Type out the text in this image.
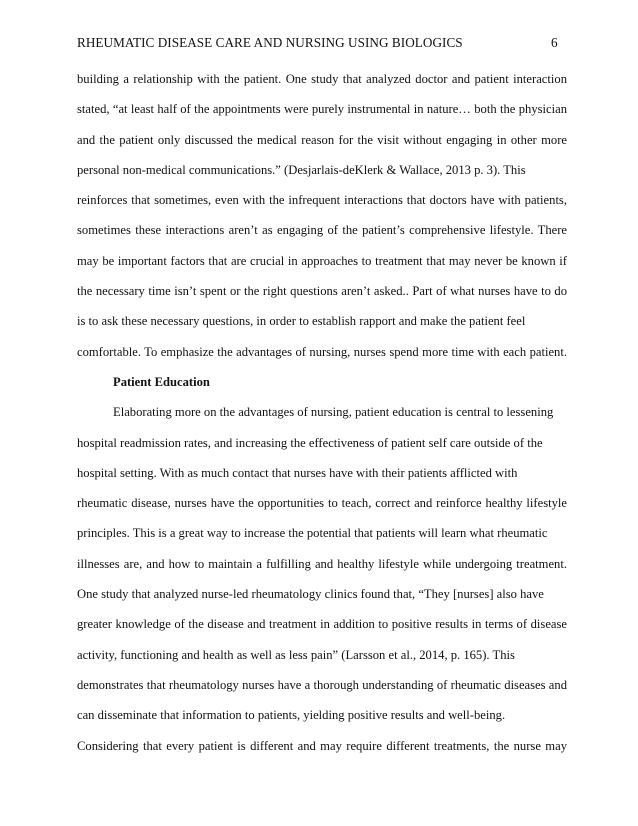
RHEUMATIC DISEASE CARE AND NURSING USING BIOLOGICS	6
building a relationship with the patient. One study that analyzed doctor and patient interaction
stated, “at least half of the appointments were purely instrumental in nature… both the physician
and the patient only discussed the medical reason for the visit without engaging in other more
personal non-medical communications.” (Desjarlais-deKlerk & Wallace, 2013 p. 3). This
reinforces that sometimes, even with the infrequent interactions that doctors have with patients,
sometimes these interactions aren’t as engaging of the patient’s comprehensive lifestyle. There
may be important factors that are crucial in approaches to treatment that may never be known if
the necessary time isn’t spent or the right questions aren’t asked.. Part of what nurses have to do
is to ask these necessary questions, in order to establish rapport and make the patient feel
comfortable. To emphasize the advantages of nursing, nurses spend more time with each patient.
Patient Education
Elaborating more on the advantages of nursing, patient education is central to lessening
hospital readmission rates, and increasing the effectiveness of patient self care outside of the
hospital setting. With as much contact that nurses have with their patients afflicted with
rheumatic disease, nurses have the opportunities to teach, correct and reinforce healthy lifestyle
principles. This is a great way to increase the potential that patients will learn what rheumatic
illnesses are, and how to maintain a fulfilling and healthy lifestyle while undergoing treatment.
One study that analyzed nurse-led rheumatology clinics found that, “They [nurses] also have
greater knowledge of the disease and treatment in addition to positive results in terms of disease
activity, functioning and health as well as less pain” (Larsson et al., 2014, p. 165). This
demonstrates that rheumatology nurses have a thorough understanding of rheumatic diseases and
can disseminate that information to patients, yielding positive results and well-being.
Considering that every patient is different and may require different treatments, the nurse may
